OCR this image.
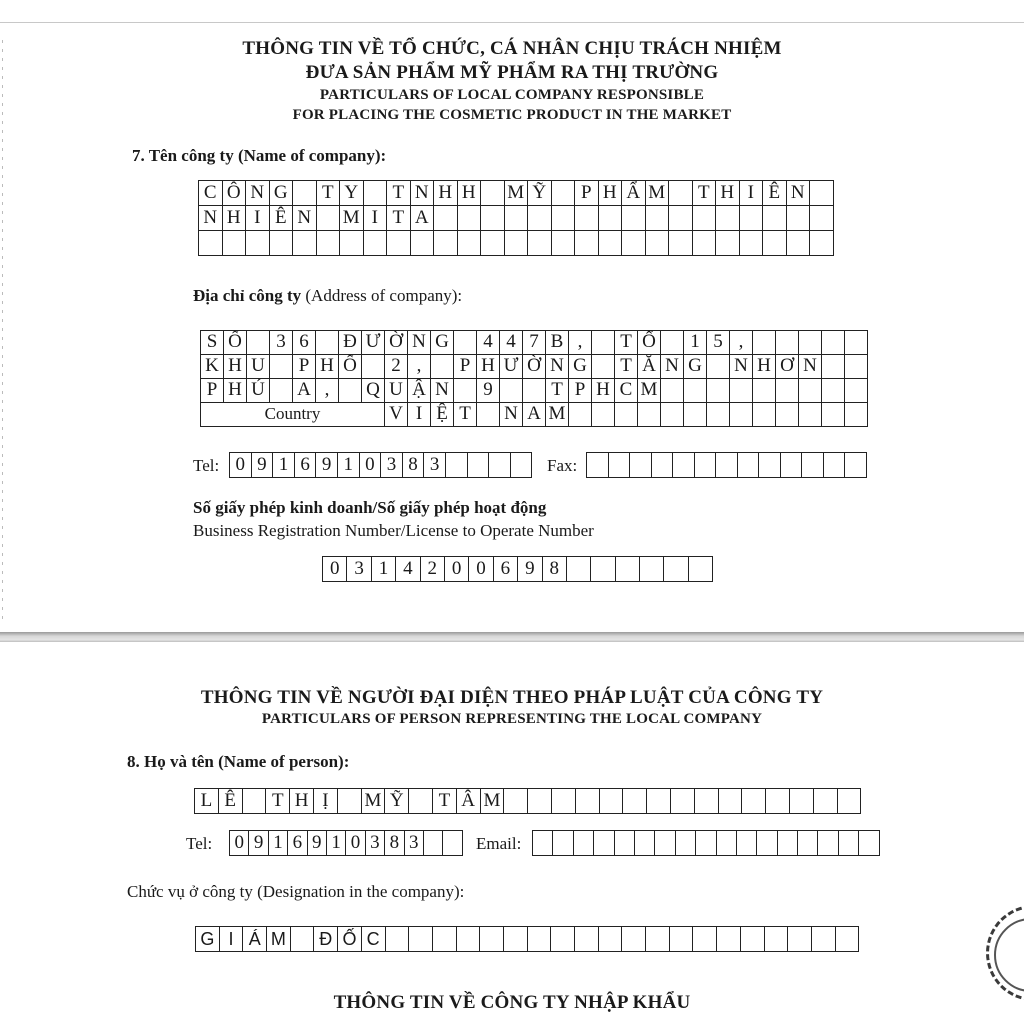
THÔNG TIN VỀ TỔ CHỨC, CÁ NHÂN CHỊU TRÁCH NHIỆM
ĐƯA SẢN PHẨM MỸ PHẨM RA THỊ TRƯỜNG
PARTICULARS OF LOCAL COMPANY RESPONSIBLE
FOR PLACING THE COSMETIC PRODUCT IN THE MARKET
7. Tên công ty (Name of company):
C Ô N G T Y T N H H M Ỹ	P H Ẩ M T H I Ê N
N H I Ê N M I T A
Địa chỉ công ty (Address of company):
S Ố	3 6	Đ Ư Ờ N G	4 4 7 B ,	T Ổ	1 5 ,
K H U	P H Ố	2 ,	P H Ư Ờ N G T Ă N G N H Ơ N
P H Ú A ,	Q U Ậ N	9	T P H C M
Country	V I Ệ T	N A M
Tel: 0 9 1 6 9 1 0 3 8 3	Fax:
Số giấy phép kinh doanh/Số giấy phép hoạt động
Business Registration Number/License to Operate Number
0 3 1 4 2 0 0 6 9 8
THÔNG TIN VỀ NGƯỜI ĐẠI DIỆN THEO PHÁP LUẬT CỦA CÔNG TY
PARTICULARS OF PERSON REPRESENTING THE LOCAL COMPANY
8. Họ và tên (Name of person):
L Ê	T H Ị	M Ỹ T Â M
Tel: 0 9 1 6 9 1 0 3 8 3	Email:
Chức vụ ở công ty (Designation in the company):
G I Á M Đ Ố C
THÔNG TIN VỀ CÔNG TY NHẬP KHẨU
